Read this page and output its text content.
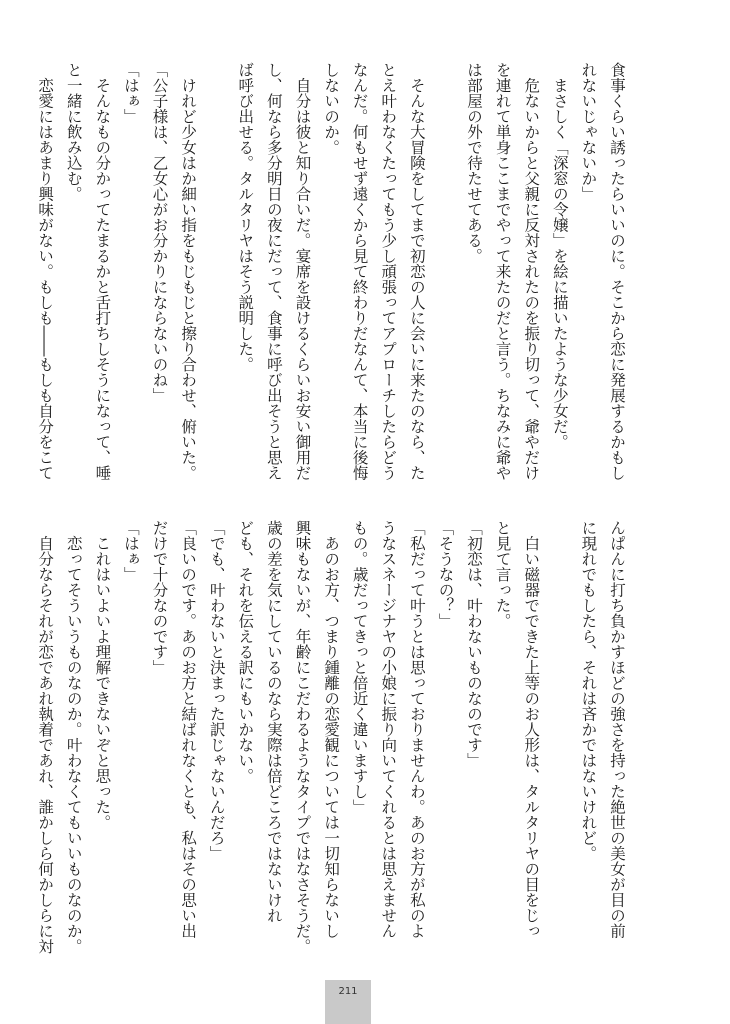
食事くらい誘ったらいいのに。そこから恋に発展するかもし
れないじゃないか」
　まさしく「深窓の令嬢」を絵に描いたような少女だ。
　危ないからと父親に反対されたのを振り切って、爺やだけ
を連れて単身ここまでやって来たのだと言う。ちなみに爺や
は部屋の外で待たせてある。
　そんな大冒険をしてまで初恋の人に会いに来たのなら、た
とえ叶わなくたってもう少し頑張ってアプローチしたらどう
なんだ。何もせず遠くから見て終わりだなんて、本当に後悔
しないのか。
　自分は彼と知り合いだ。宴席を設けるくらいお安い御用だ
し、何なら多分明日の夜にだって、食事に呼び出そうと思え
ば呼び出せる。タルタリヤはそう説明した。
　けれど少女はか細い指をもじもじと擦り合わせ、俯いた。
「公子様は、乙女心がお分かりにならないのね」
「はぁ」
　そんなもの分かってたまるかと舌打ちしそうになって、唾
と一緒に飲み込む。
　恋愛にはあまり興味がない。もしも――もしも自分をこて
んぱんに打ち負かすほどの強さを持った絶世の美女が目の前
に現れでもしたら、それは吝かではないけれど。
　白い磁器でできた上等のお人形は、タルタリヤの目をじっ
と見て言った。
「初恋は、叶わないものなのです」
「そうなの？」
「私だって叶うとは思っておりませんわ。あのお方が私のよ
うなスネージナヤの小娘に振り向いてくれるとは思えません
もの。歳だってきっと倍近く違いますし」
　あのお方、つまり鍾離の恋愛観については一切知らないし
興味もないが、年齢にこだわるようなタイプではなさそうだ。
歳の差を気にしているのなら実際は倍どころではないけれ
ども、それを伝える訳にもいかない。
「でも、叶わないと決まった訳じゃないんだろ」
「良いのです。あのお方と結ばれなくとも、私はその思い出
だけで十分なのです」
「はぁ」
　これはいよいよ理解できないぞと思った。
　恋ってそういうものなのか。叶わなくてもいいものなのか。
　自分ならそれが恋であれ執着であれ、誰かしら何かしらに対
211
